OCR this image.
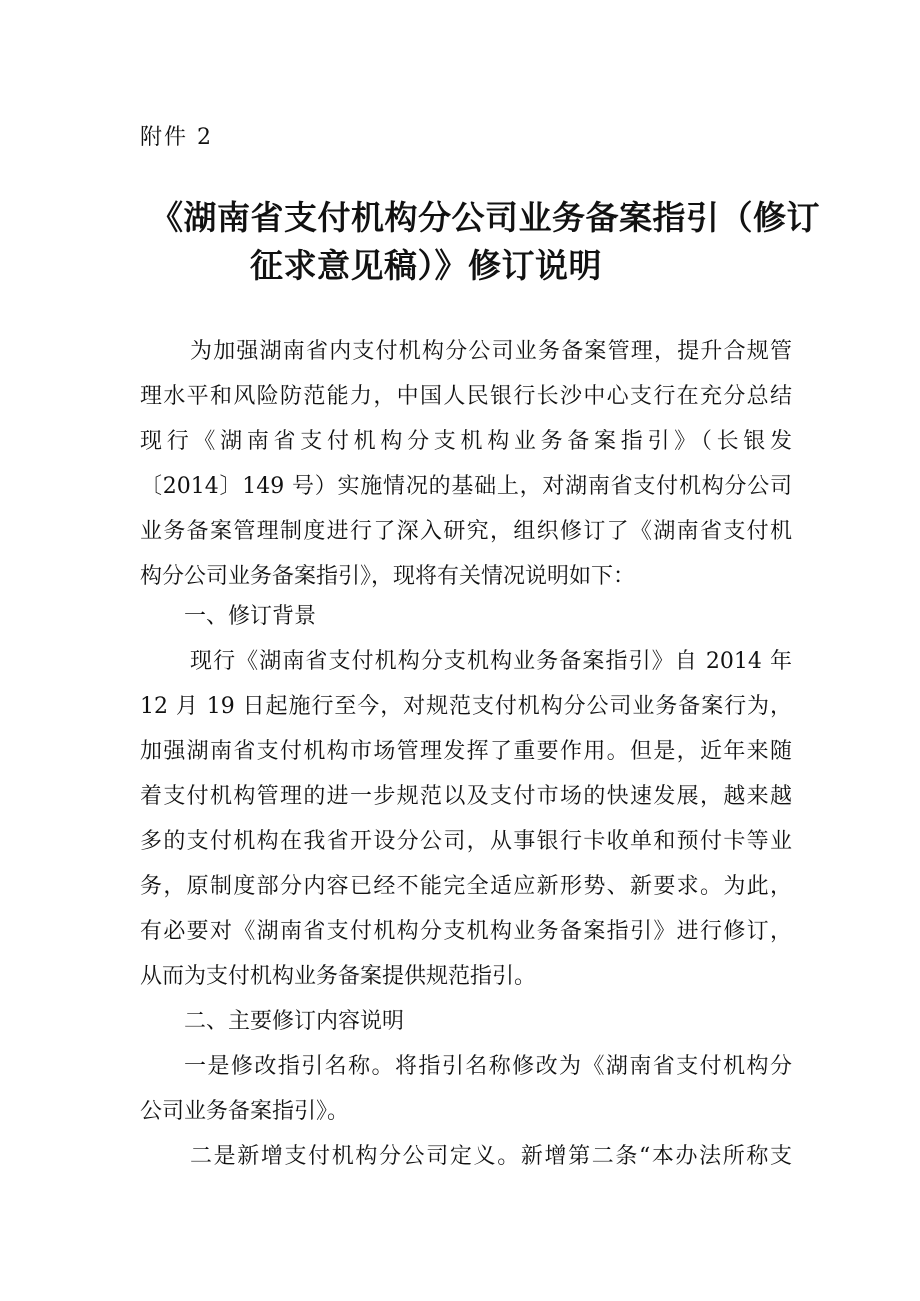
附件 2
《湖南省支付机构分公司业务备案指引（修订
征求意见稿）》修订说明
为加强湖南省内支付机构分公司业务备案管理，提升合规管
理水平和风险防范能力，中国人民银行长沙中心支行在充分总结
现行《湖南省支付机构分支机构业务备案指引》（长银发
〔2014〕149 号）实施情况的基础上，对湖南省支付机构分公司
业务备案管理制度进行了深入研究，组织修订了《湖南省支付机
构分公司业务备案指引》，现将有关情况说明如下：
一、修订背景
现行《湖南省支付机构分支机构业务备案指引》自 2014 年
12 月 19 日起施行至今，对规范支付机构分公司业务备案行为，
加强湖南省支付机构市场管理发挥了重要作用。但是，近年来随
着支付机构管理的进一步规范以及支付市场的快速发展，越来越
多的支付机构在我省开设分公司，从事银行卡收单和预付卡等业
务，原制度部分内容已经不能完全适应新形势、新要求。为此，
有必要对《湖南省支付机构分支机构业务备案指引》进行修订，
从而为支付机构业务备案提供规范指引。
二、主要修订内容说明
一是修改指引名称。将指引名称修改为《湖南省支付机构分
公司业务备案指引》。
二是新增支付机构分公司定义。新增第二条“本办法所称支
